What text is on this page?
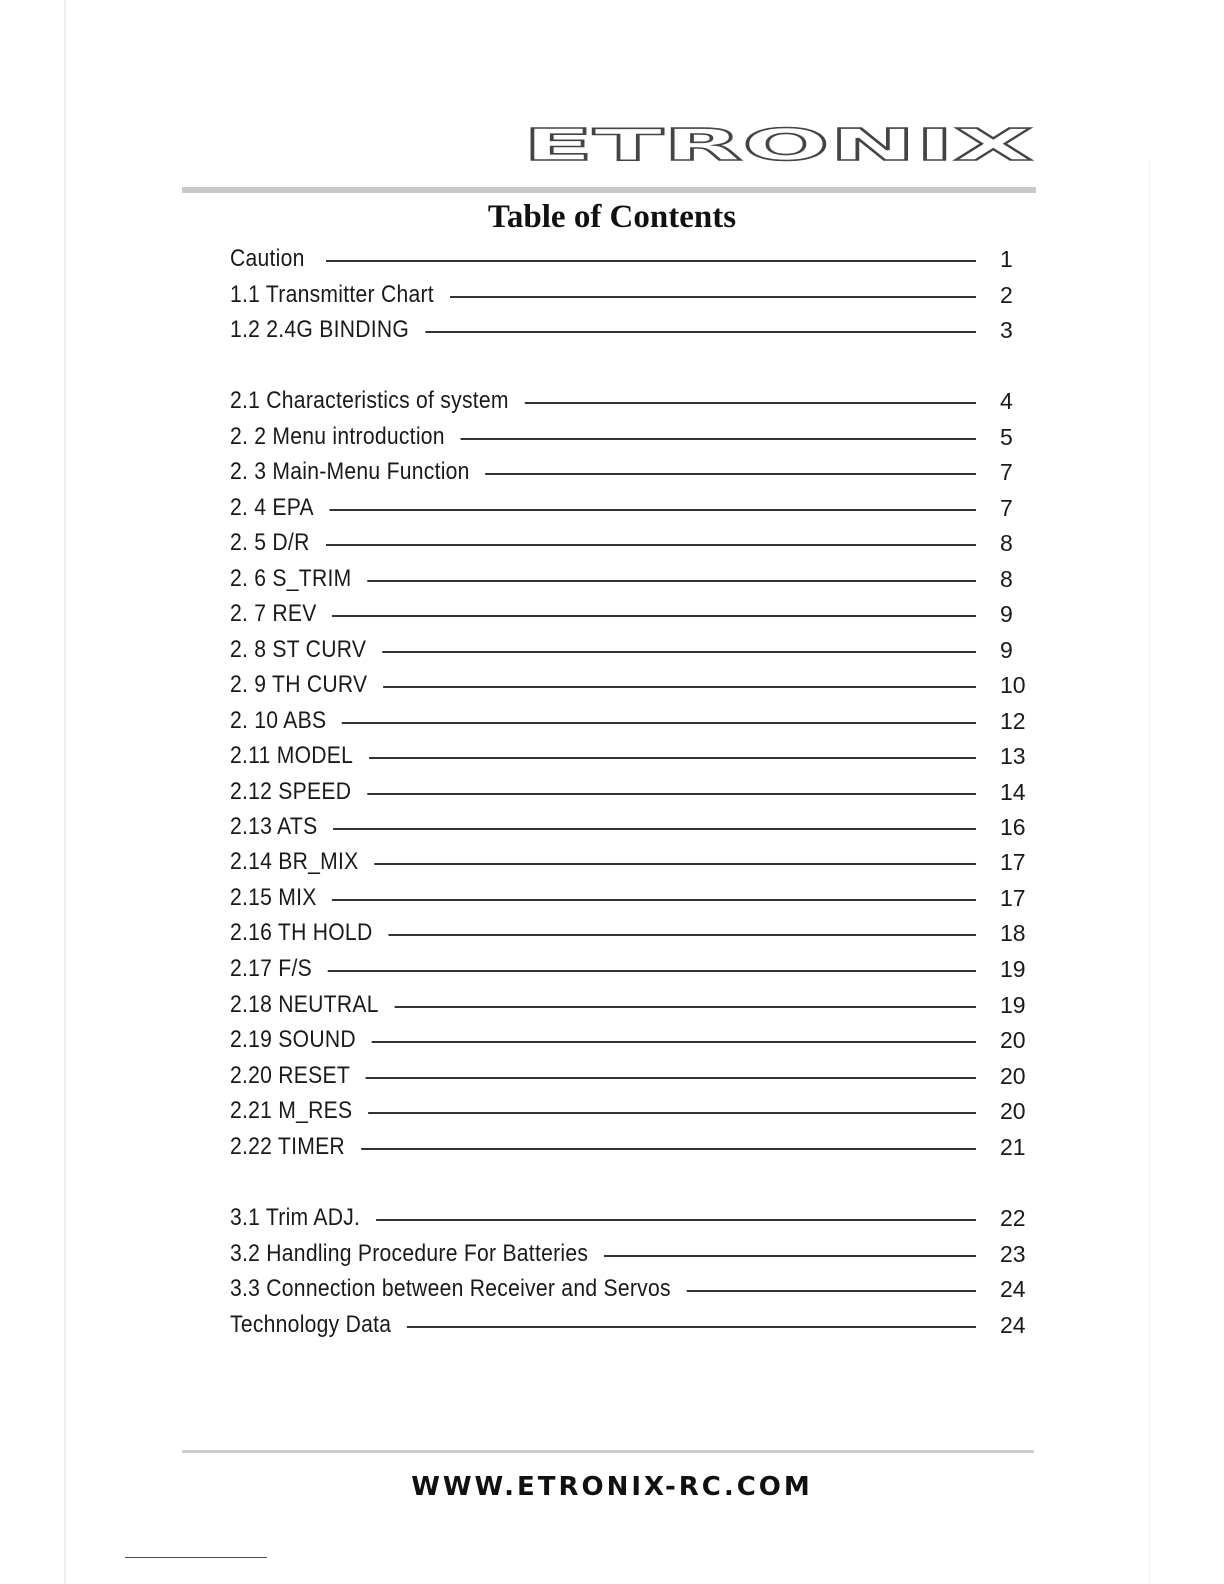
ETRONIX
Table of Contents
Caution	1
1.1 Transmitter Chart	2
1.2 2.4G BINDING	3
2.1 Characteristics of system	4
2. 2 Menu introduction	5
2. 3 Main-Menu Function	7
2. 4 EPA	7
2. 5 D/R	8
2. 6 S_TRIM	8
2. 7 REV	9
2. 8 ST CURV	9
2. 9 TH CURV	10
2. 10 ABS	12
2.11 MODEL	13
2.12 SPEED	14
2.13 ATS	16
2.14 BR_MIX	17
2.15 MIX	17
2.16 TH HOLD	18
2.17 F/S	19
2.18 NEUTRAL	19
2.19 SOUND	20
2.20 RESET	20
2.21 M_RES	20
2.22 TIMER	21
3.1 Trim ADJ.	22
3.2 Handling Procedure For Batteries	23
3.3 Connection between Receiver and Servos	24
Technology Data	24
WWW.ETRONIX-RC.COM
